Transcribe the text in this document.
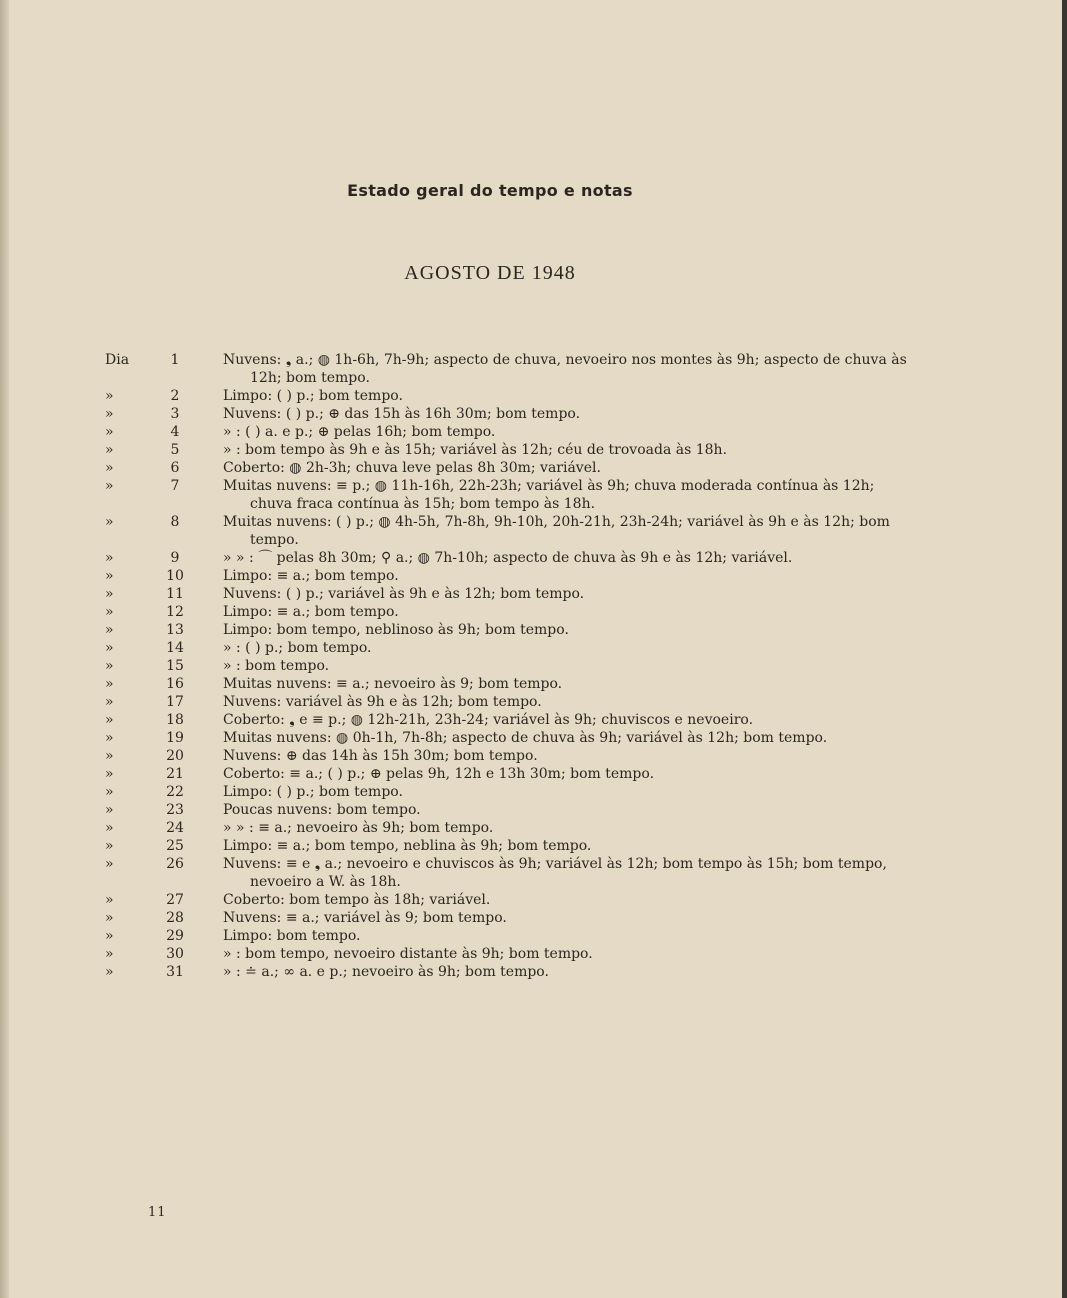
Estado geral do tempo e notas
AGOSTO DE 1948
Dia	1	Nuvens: ❟ a.; ◍ 1h-6h, 7h-9h; aspecto de chuva, nevoeiro nos montes às 9h; aspecto de chuva às 12h; bom tempo.
»	2	Limpo: ( ) p.; bom tempo.
»	3	Nuvens: ( ) p.; ⊕ das 15h às 16h 30m; bom tempo.
»	4	» : ( ) a. e p.; ⊕ pelas 16h; bom tempo.
»	5	» : bom tempo às 9h e às 15h; variável às 12h; céu de trovoada às 18h.
»	6	Coberto: ◍ 2h-3h; chuva leve pelas 8h 30m; variável.
»	7	Muitas nuvens: ≡ p.; ◍ 11h-16h, 22h-23h; variável às 9h; chuva moderada contínua às 12h; chuva fraca contínua às 15h; bom tempo às 18h.
»	8	Muitas nuvens: ( ) p.; ◍ 4h-5h, 7h-8h, 9h-10h, 20h-21h, 23h-24h; variável às 9h e às 12h; bom tempo.
»	9	» » : ⌒ pelas 8h 30m; ⚲ a.; ◍ 7h-10h; aspecto de chuva às 9h e às 12h; variável.
»	10	Limpo: ≡ a.; bom tempo.
»	11	Nuvens: ( ) p.; variável às 9h e às 12h; bom tempo.
»	12	Limpo: ≡ a.; bom tempo.
»	13	Limpo: bom tempo, neblinoso às 9h; bom tempo.
»	14	» : ( ) p.; bom tempo.
»	15	» : bom tempo.
»	16	Muitas nuvens: ≡ a.; nevoeiro às 9; bom tempo.
»	17	Nuvens: variável às 9h e às 12h; bom tempo.
»	18	Coberto: ❟ e ≡ p.; ◍ 12h-21h, 23h-24; variável às 9h; chuviscos e nevoeiro.
»	19	Muitas nuvens: ◍ 0h-1h, 7h-8h; aspecto de chuva às 9h; variável às 12h; bom tempo.
»	20	Nuvens: ⊕ das 14h às 15h 30m; bom tempo.
»	21	Coberto: ≡ a.; ( ) p.; ⊕ pelas 9h, 12h e 13h 30m; bom tempo.
»	22	Limpo: ( ) p.; bom tempo.
»	23	Poucas nuvens: bom tempo.
»	24	» » : ≡ a.; nevoeiro às 9h; bom tempo.
»	25	Limpo: ≡ a.; bom tempo, neblina às 9h; bom tempo.
»	26	Nuvens: ≡ e ❟ a.; nevoeiro e chuviscos às 9h; variável às 12h; bom tempo às 15h; bom tempo, nevoeiro a W. às 18h.
»	27	Coberto: bom tempo às 18h; variável.
»	28	Nuvens: ≡ a.; variável às 9; bom tempo.
»	29	Limpo: bom tempo.
»	30	» : bom tempo, nevoeiro distante às 9h; bom tempo.
»	31	» : ≐ a.; ∞ a. e p.; nevoeiro às 9h; bom tempo.
11
